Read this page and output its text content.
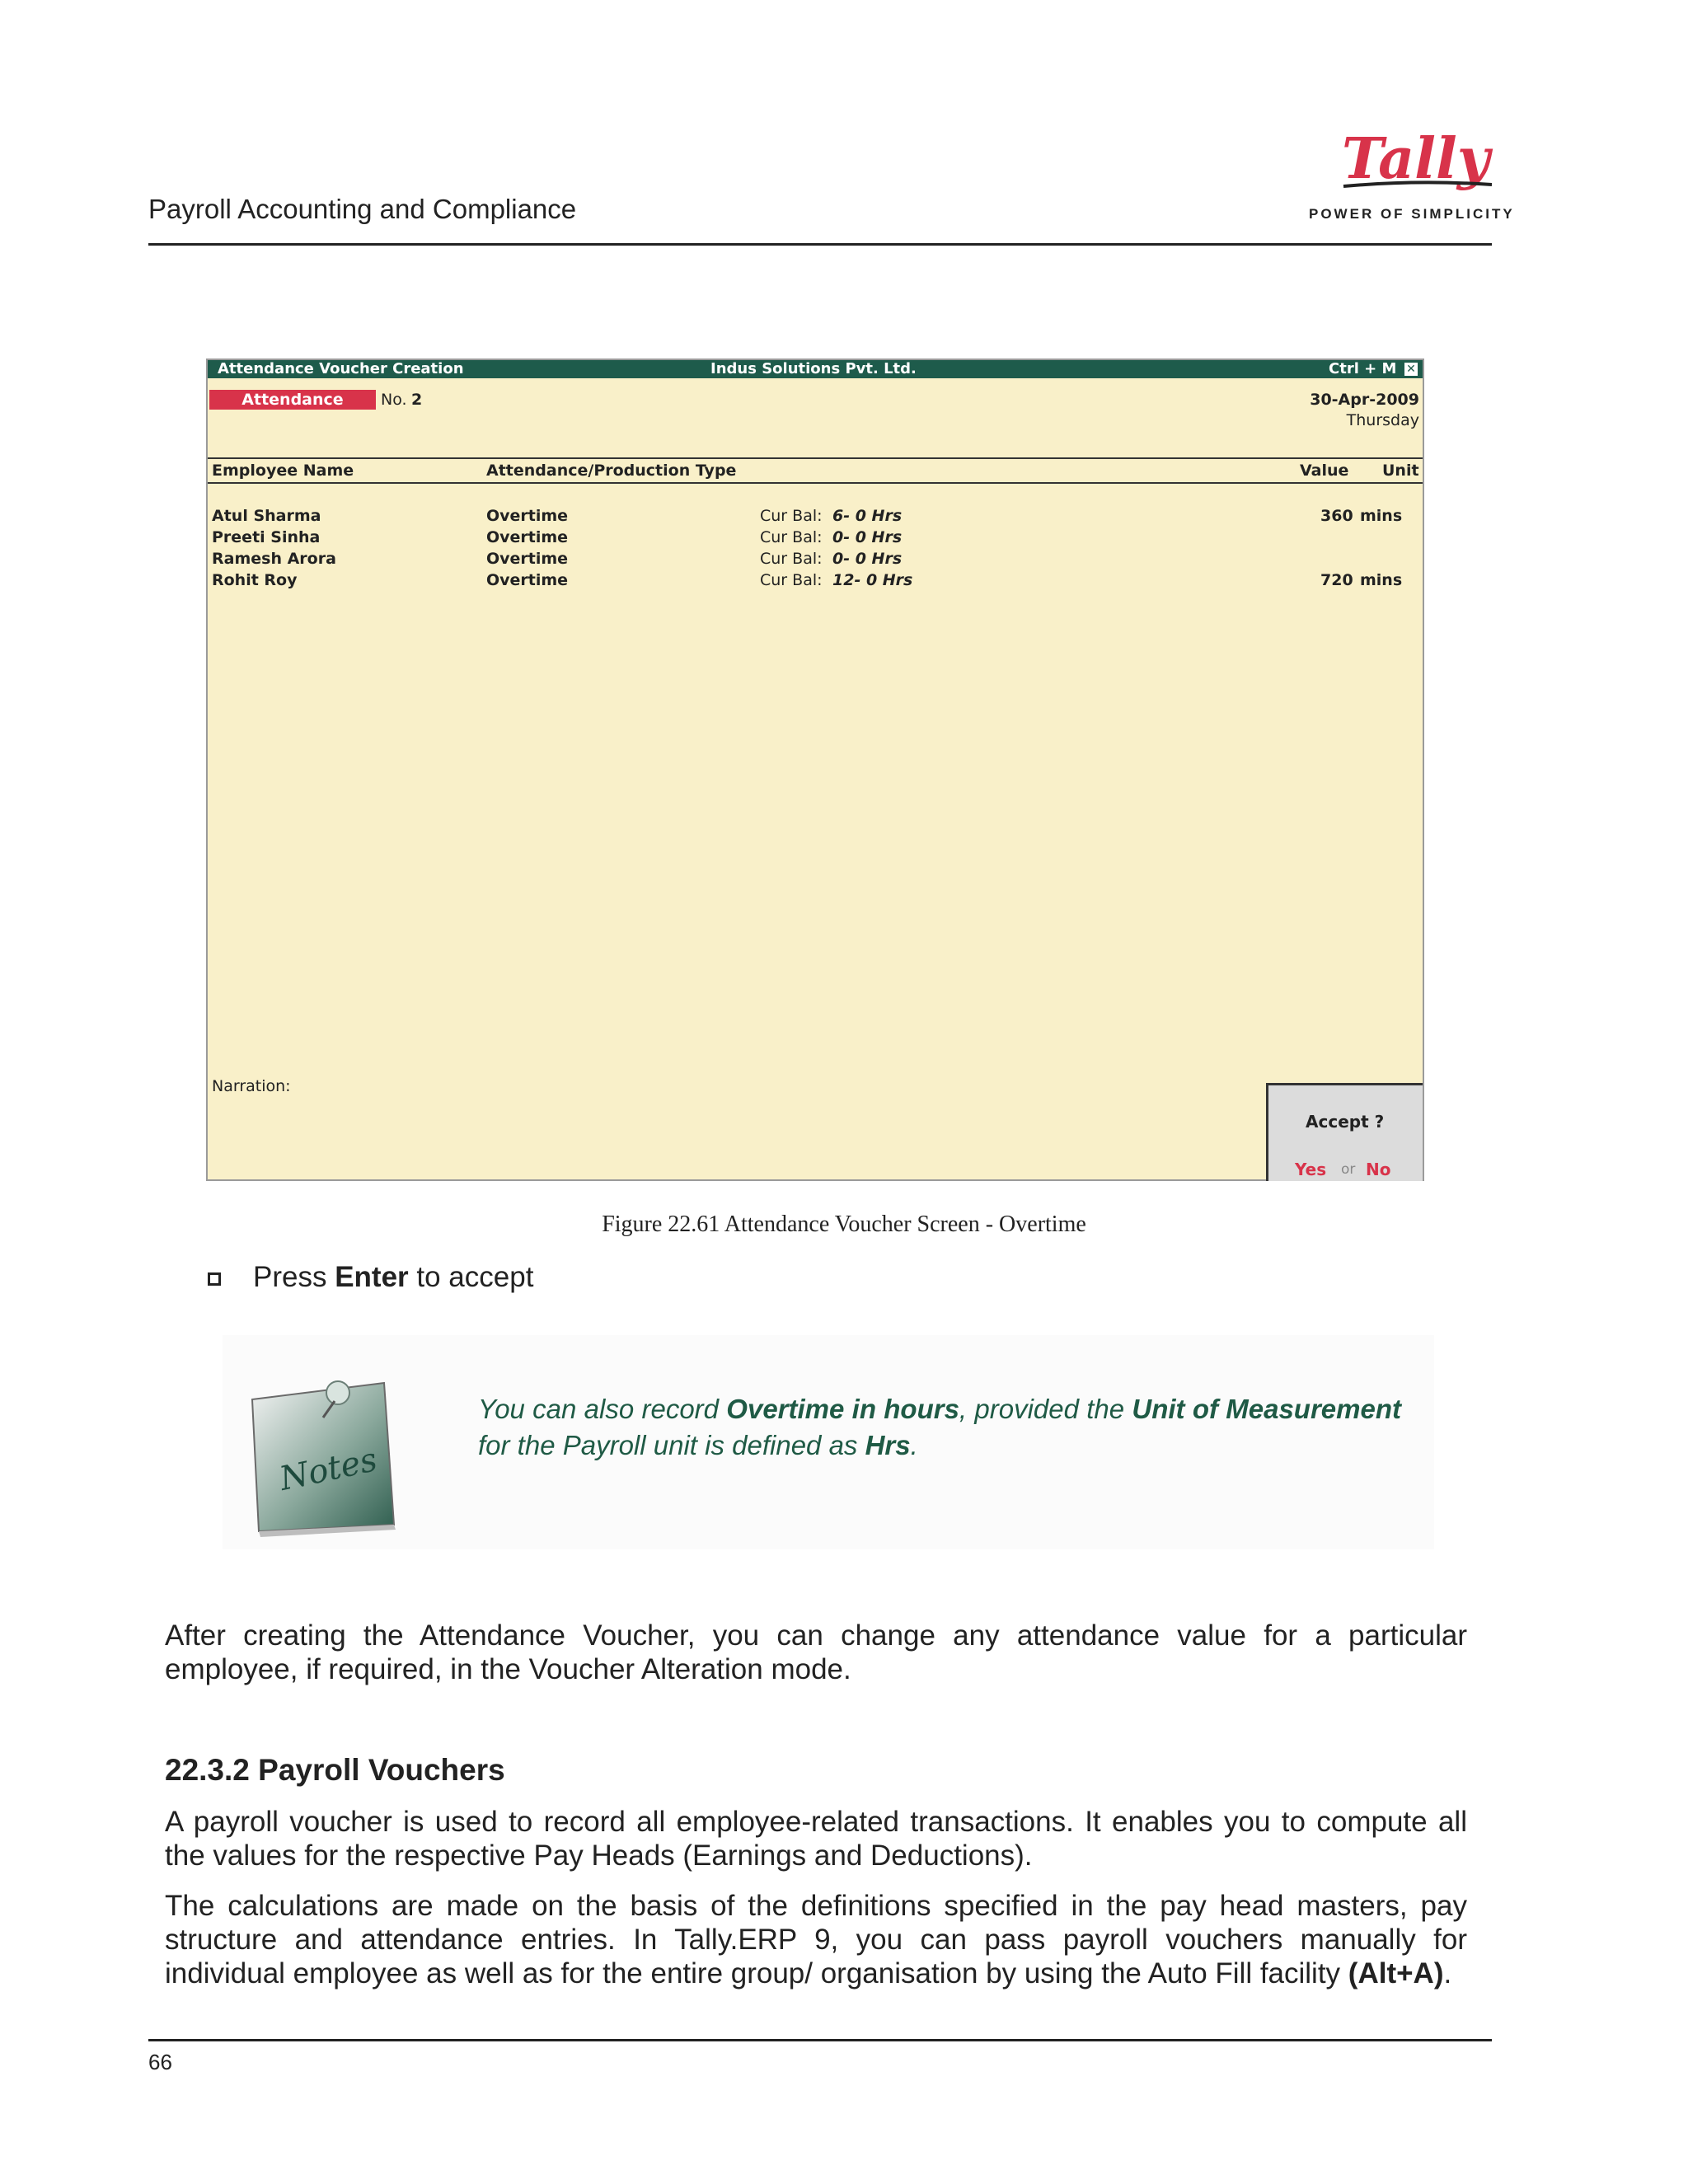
Payroll Accounting and Compliance
Tally
POWER OF SIMPLICITY
Attendance Voucher Creation	Indus Solutions Pvt. Ltd.	Ctrl + M ✕
Attendance	No. 2	30-Apr-2009
Thursday
Employee Name	Attendance/Production Type	Value Unit
Atul Sharma	Overtime	Cur Bal: 6- 0 Hrs	360 mins
Preeti Sinha	Overtime	Cur Bal: 0- 0 Hrs
Ramesh Arora	Overtime	Cur Bal: 0- 0 Hrs
Rohit Roy	Overtime	Cur Bal: 12- 0 Hrs	720 mins
Narration:
Accept ?
Yes or No
Figure 22.61 Attendance Voucher Screen - Overtime
Press Enter to accept
Notes
You can also record Overtime in hours, provided the Unit of Measurement for the Payroll unit is defined as Hrs.
After creating the Attendance Voucher, you can change any attendance value for a particular employee, if required, in the Voucher Alteration mode.
22.3.2 Payroll Vouchers
A payroll voucher is used to record all employee-related transactions. It enables you to compute all the values for the respective Pay Heads (Earnings and Deductions).
The calculations are made on the basis of the definitions specified in the pay head masters, pay structure and attendance entries. In Tally.ERP 9, you can pass payroll vouchers manually for individual employee as well as for the entire group/ organisation by using the Auto Fill facility (Alt+A).
66
